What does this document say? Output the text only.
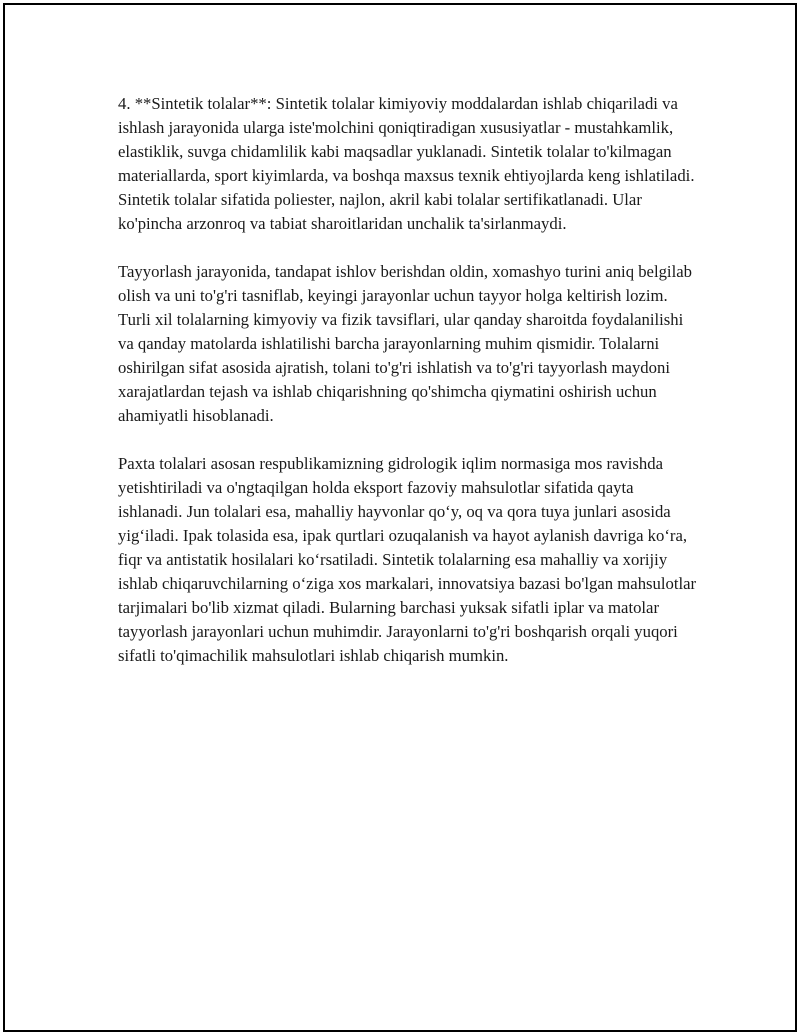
4. **Sintetik tolalar**: Sintetik tolalar kimiyoviy moddalardan ishlab chiqariladi va ishlash jarayonida ularga iste'molchini qoniqtiradigan xususiyatlar - mustahkamlik, elastiklik, suvga chidamlilik kabi maqsadlar yuklanadi. Sintetik tolalar to'kilmagan materiallarda, sport kiyimlarda, va boshqa maxsus texnik ehtiyojlarda keng ishlatiladi. Sintetik tolalar sifatida poliester, najlon, akril kabi tolalar sertifikatlanadi. Ular ko'pincha arzonroq va tabiat sharoitlaridan unchalik ta'sirlanmaydi.

Tayyorlash jarayonida, tandapat ishlov berishdan oldin, xomashyo turini aniq belgilab olish va uni to'g'ri tasniflab, keyingi jarayonlar uchun tayyor holga keltirish lozim. Turli xil tolalarning kimyoviy va fizik tavsiflari, ular qanday sharoitda foydalanilishi va qanday matolarda ishlatilishi barcha jarayonlarning muhim qismidir. Tolalarni oshirilgan sifat asosida ajratish, tolani to'g'ri ishlatish va to'g'ri tayyorlash maydoni xarajatlardan tejash va ishlab chiqarishning qo'shimcha qiymatini oshirish uchun ahamiyatli hisoblanadi.

Paxta tolalari asosan respublikamizning gidrologik iqlim normasiga mos ravishda yetishtiriladi va o'ngtaqilgan holda eksport fazoviy mahsulotlar sifatida qayta ishlanadi. Jun tolalari esa, mahalliy hayvonlar qo‘y, oq va qora tuya junlari asosida yig‘iladi. Ipak tolasida esa, ipak qurtlari ozuqalanish va hayot aylanish davriga ko‘ra, fiqr va antistatik hosilalari ko‘rsatiladi. Sintetik tolalarning esa mahalliy va xorijiy ishlab chiqaruvchilarning o‘ziga xos markalari, innovatsiya bazasi bo'lgan mahsulotlar tarjimalari bo'lib xizmat qiladi. Bularning barchasi yuksak sifatli iplar va matolar tayyorlash jarayonlari uchun muhimdir. Jarayonlarni to'g'ri boshqarish orqali yuqori sifatli to'qimachilik mahsulotlari ishlab chiqarish mumkin.
